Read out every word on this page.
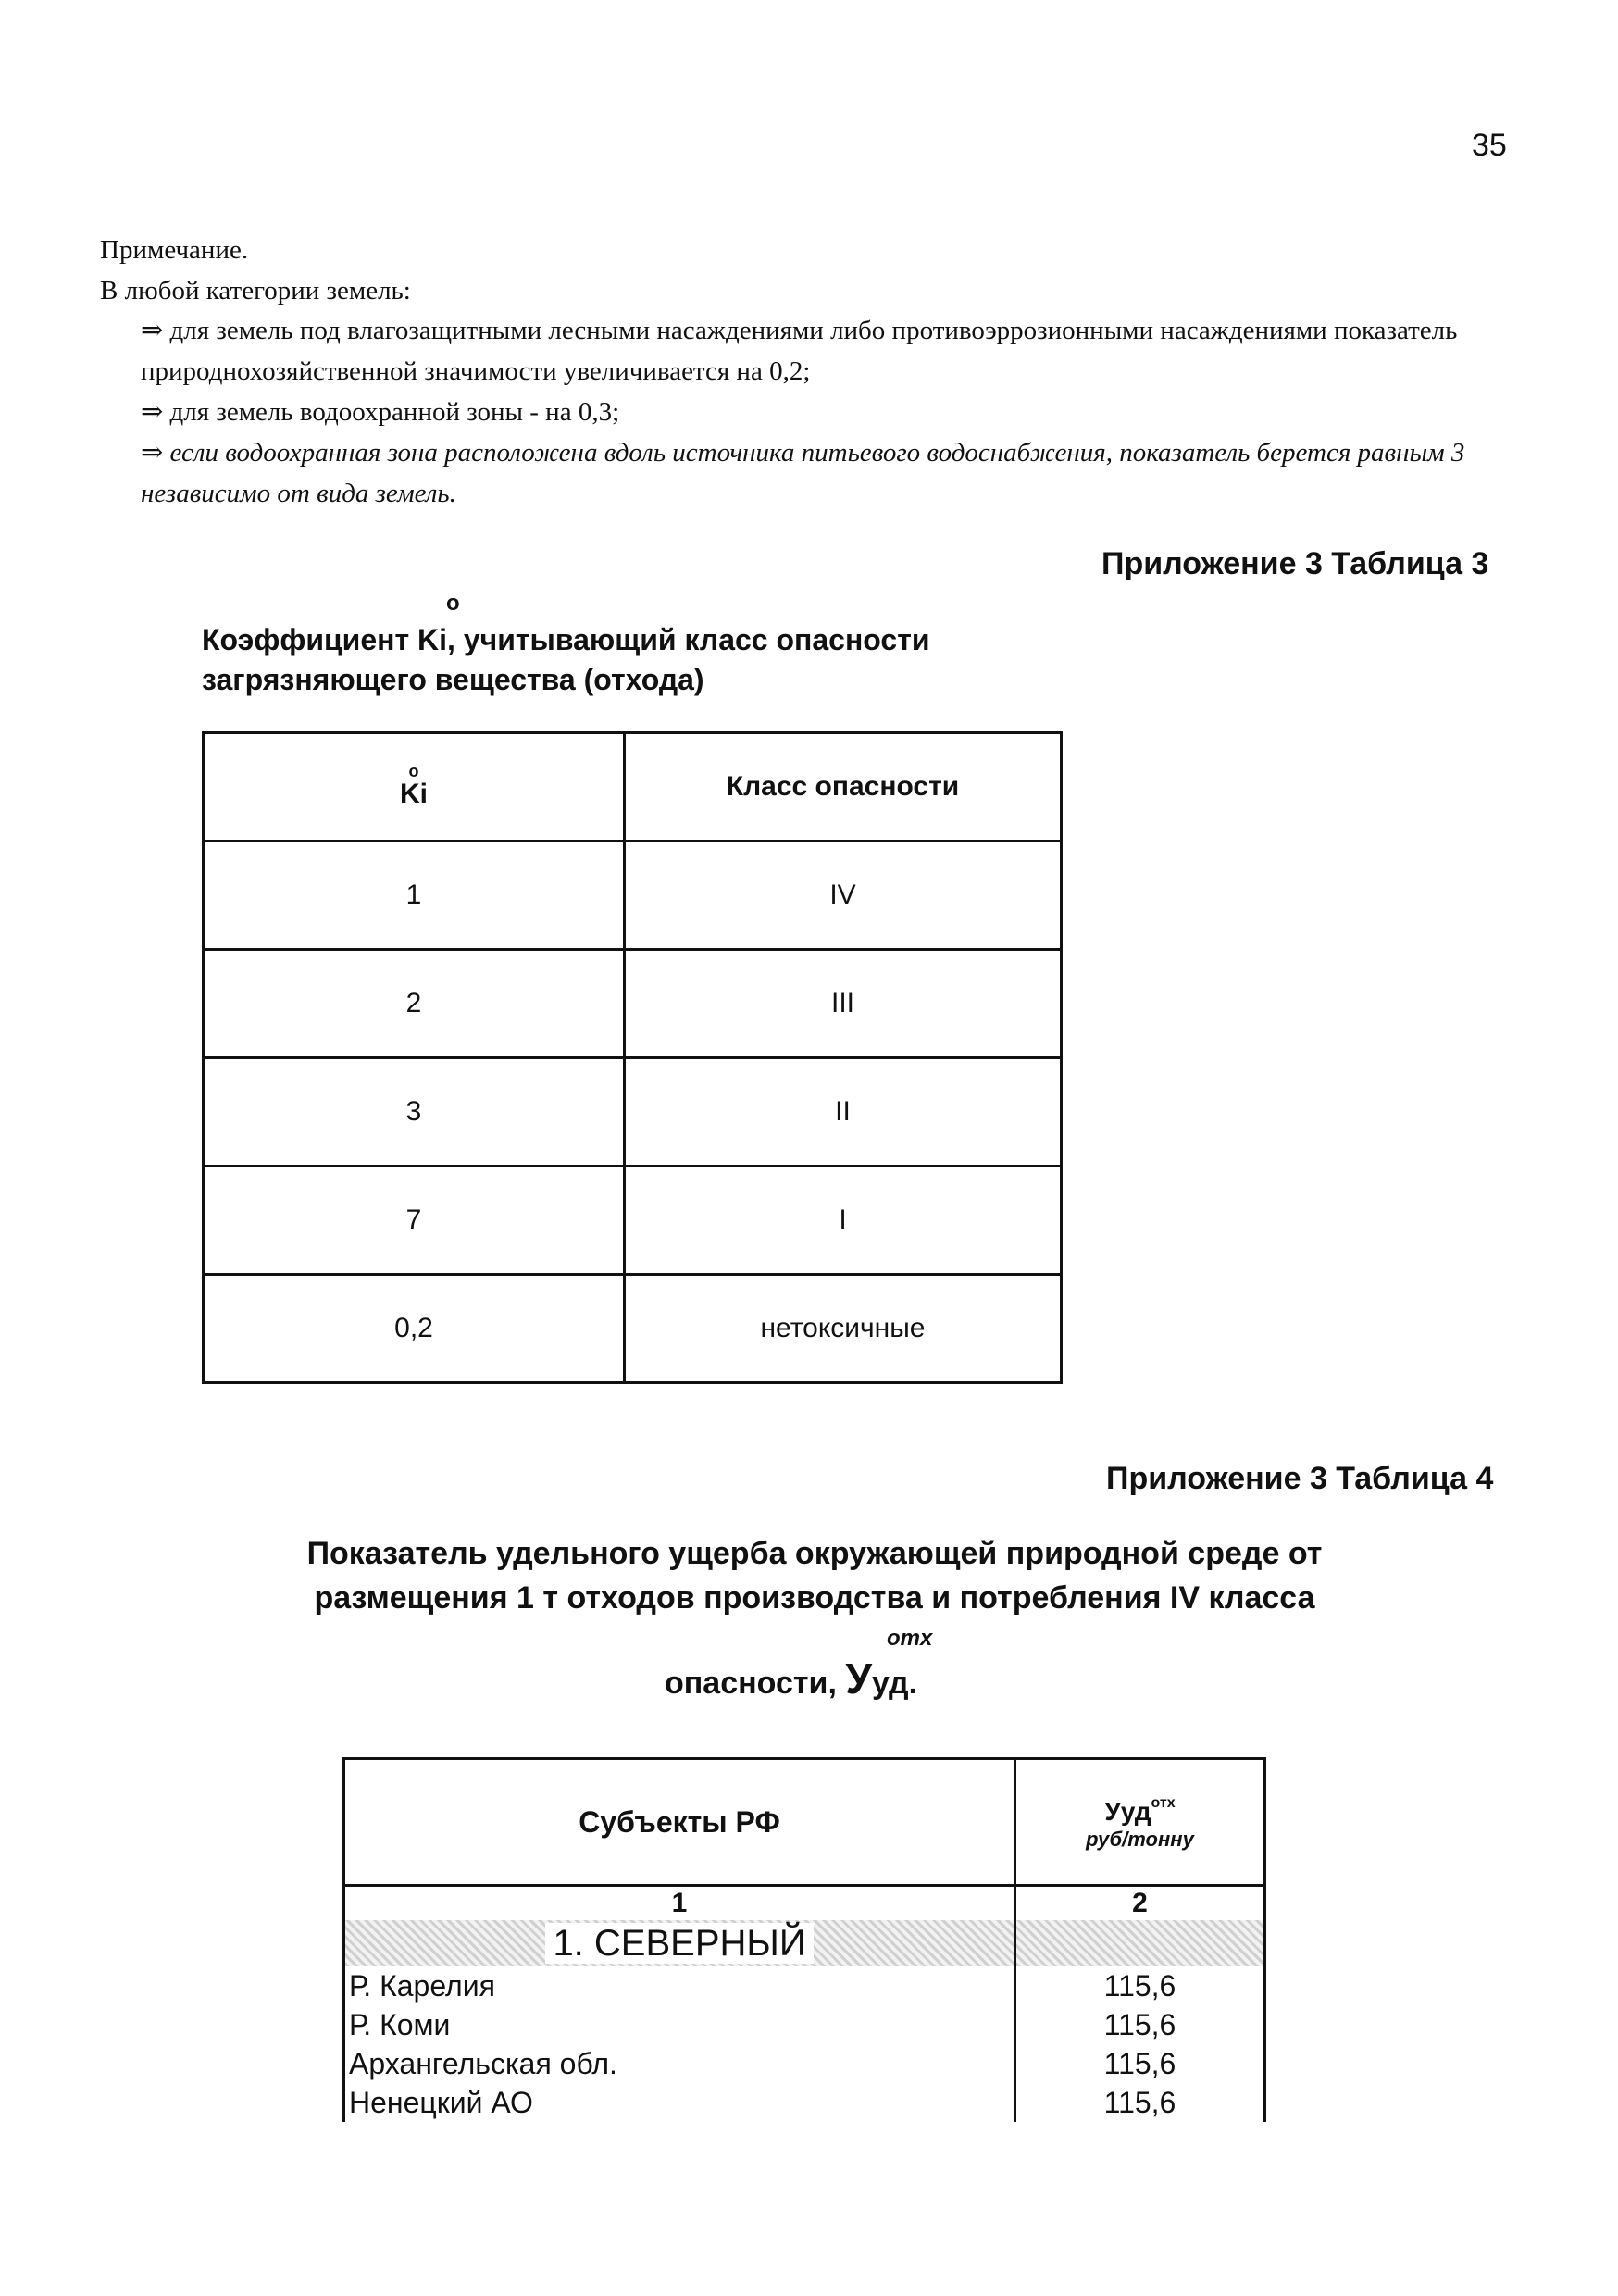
35
Примечание.
В любой категории земель:
⇒ для земель под влагозащитными лесными насаждениями либо противоэррозионными насаждениями показатель природнохозяйственной значимости увеличивается на 0,2;
⇒ для земель водоохранной зоны - на 0,3;
⇒ если водоохранная зона расположена вдоль источника питьевого водоснабжения, показатель берется равным 3 независимо от вида земель.
Приложение 3 Таблица 3
o
Коэффициент Ki, учитывающий класс опасности загрязняющего вещества (отхода)
o
Ki	Класс опасности
1	IV
2	III
3	II
7	I
0,2	нетоксичные
Приложение 3 Таблица 4
Показатель удельного ущерба окружающей природной среде от
размещения 1 т отходов производства и потребления IV класса
отх
опасности, Ууд.
Субъекты РФ	Ууд$^{отх}$
руб/тонну

1	2
1. СЕВЕРНЫЙ	
Р. Карелия	115,6
Р. Коми	115,6
Архангельская обл.	115,6
Ненецкий АО	115,6
